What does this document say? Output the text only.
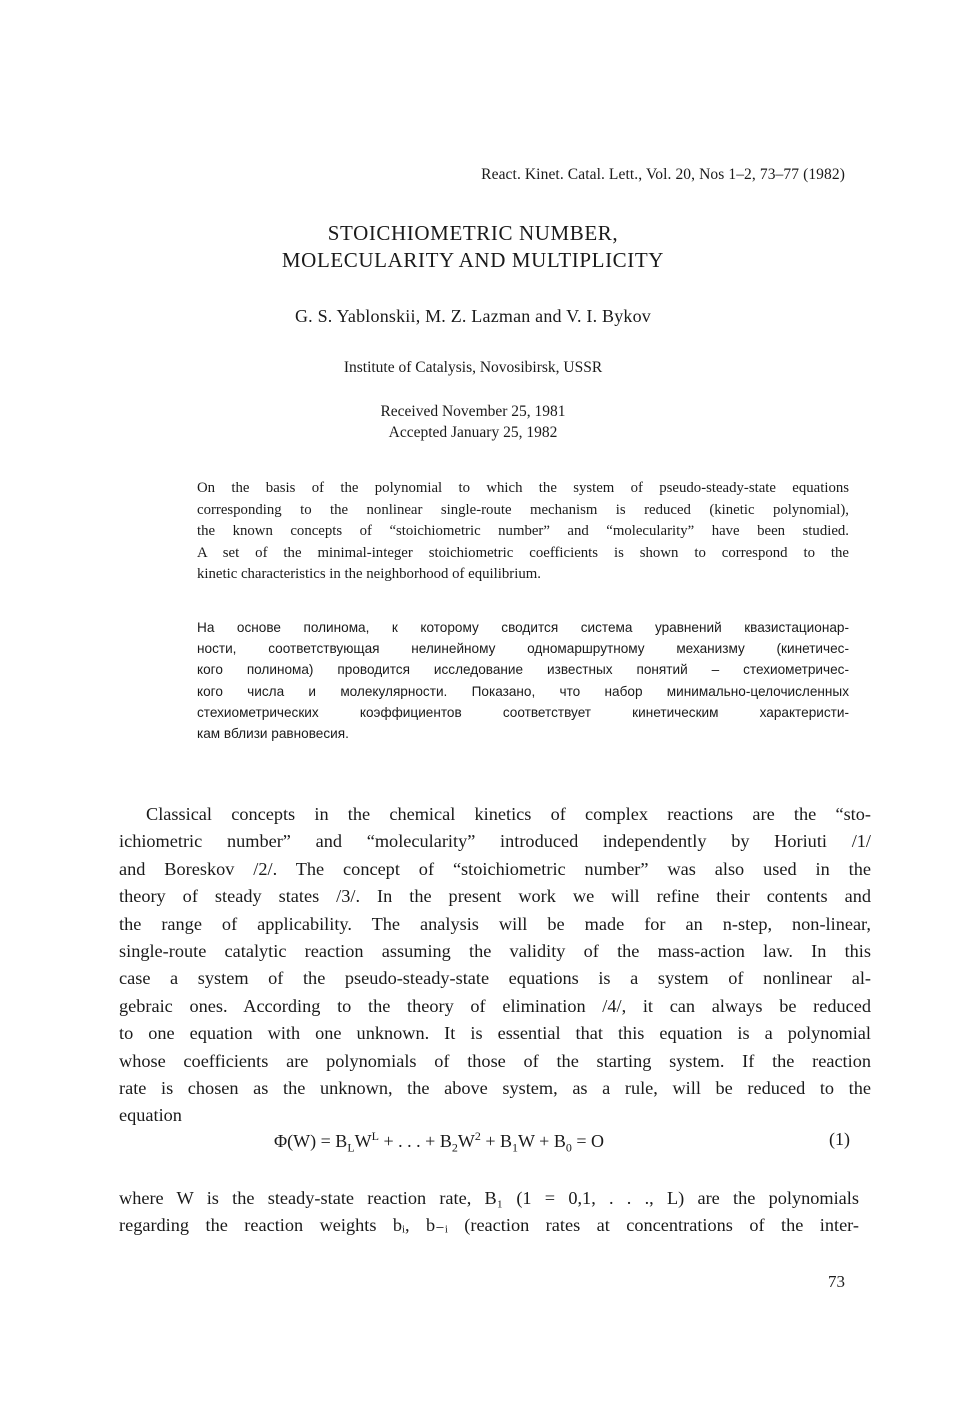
React. Kinet. Catal. Lett., Vol. 20, Nos 1–2, 73–77 (1982)
STOICHIOMETRIC NUMBER,
MOLECULARITY AND MULTIPLICITY
G. S. Yablonskii, M. Z. Lazman and V. I. Bykov
Institute of Catalysis, Novosibirsk, USSR
Received November 25, 1981
Accepted January 25, 1982
On the basis of the polynomial to which the system of pseudo-steady-state equations
corresponding to the nonlinear single-route mechanism is reduced (kinetic polynomial),
the known concepts of “stoichiometric number” and “molecularity” have been studied.
A set of the minimal-integer stoichiometric coefficients is shown to correspond to the
kinetic characteristics in the neighborhood of equilibrium.
На основе полинома, к которому сводится система уравнений квазистационар-
ности, соответствующая нелинейному одномаршрутному механизму (кинетичес-
кого полинома) проводится исследование известных понятий – стехиометричес-
кого числа и молекулярности. Показано, что набор минимально-целочисленных
стехиометрических коэффициентов соответствует кинетическим характеристи-
кам вблизи равновесия.
Classical concepts in the chemical kinetics of complex reactions are the “sto-
ichiometric number” and “molecularity” introduced independently by Horiuti /1/
and Boreskov /2/. The concept of “stoichiometric number” was also used in the
theory of steady states /3/. In the present work we will refine their contents and
the range of applicability. The analysis will be made for an n-step, non-linear,
single-route catalytic reaction assuming the validity of the mass-action law. In this
case a system of the pseudo-steady-state equations is a system of nonlinear al-
gebraic ones. According to the theory of elimination /4/, it can always be reduced
to one equation with one unknown. It is essential that this equation is a polynomial
whose coefficients are polynomials of those of the starting system. If the reaction
rate is chosen as the unknown, the above system, as a rule, will be reduced to the
equation
$\Phi(W) = B_LW^L$ + . . . + $B_2W^2 + B_1W + B_0 = O$	(1)
where W is the steady-state reaction rate, B₁ (1 = 0,1, . . ., L) are the polynomials
regarding the reaction weights bᵢ, b₋ᵢ (reaction rates at concentrations of the inter-
73
